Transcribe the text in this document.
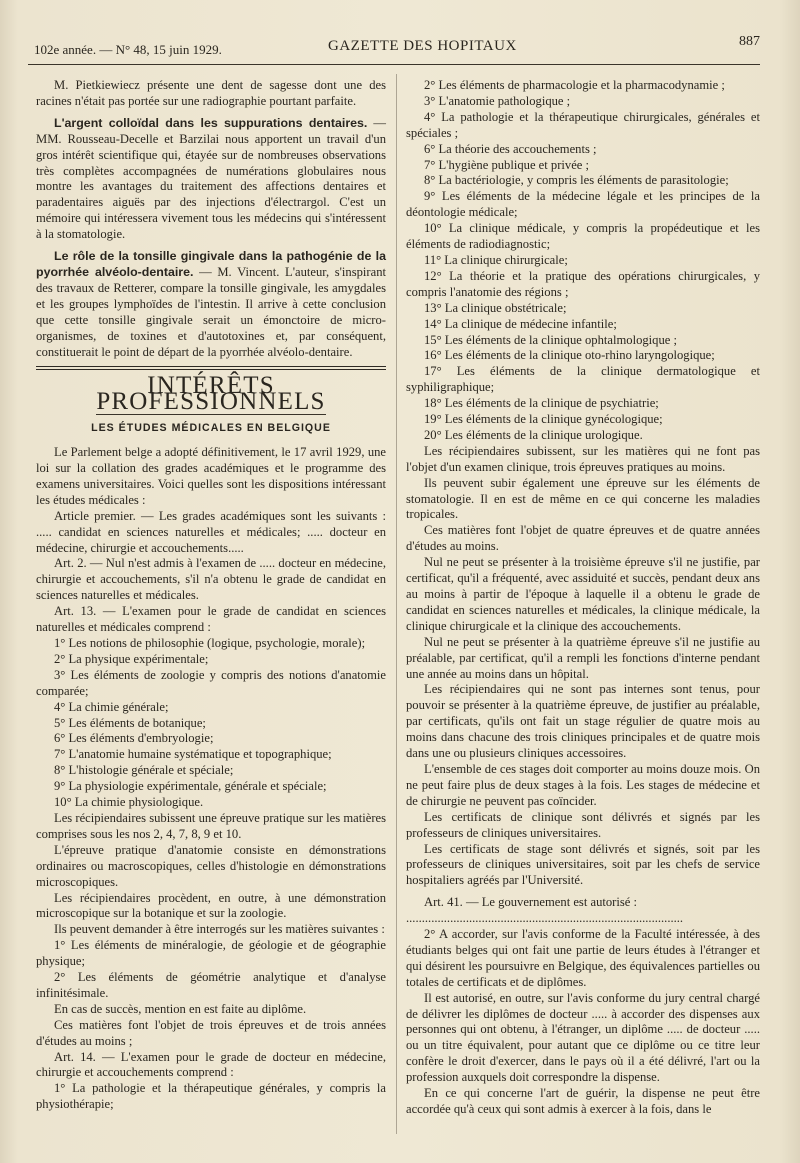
102e année. — N° 48, 15 juin 1929.	GAZETTE DES HOPITAUX	887

M. Pietkiewiecz présente une dent de sagesse dont une des racines n'était pas portée sur une radiographie pourtant parfaite.

L'argent colloïdal dans les suppurations dentaires. — MM. Rousseau-Decelle et Barzilai nous apportent un travail d'un gros intérêt scientifique qui, étayée sur de nombreuses observations très complètes accompagnées de numérations globulaires nous montre les avantages du traitement des affections dentaires et paradentaires aiguës par des injections d'électrargol. C'est un mémoire qui intéressera vivement tous les médecins qui s'intéressent à la stomatologie.

Le rôle de la tonsille gingivale dans la pathogénie de la pyorrhée alvéolo-dentaire. — M. Vincent. L'auteur, s'inspirant des travaux de Retterer, compare la tonsille gingivale, les amygdales et les groupes lymphoïdes de l'intestin. Il arrive à cette conclusion que cette tonsille gingivale serait un émonctoire de micro-organismes, de toxines et d'autotoxines et, par conséquent, constituerait le point de départ de la pyorrhée alvéolo-dentaire.

INTÉRÊTS PROFESSIONNELS
LES ÉTUDES MÉDICALES EN BELGIQUE

Le Parlement belge a adopté définitivement, le 17 avril 1929, une loi sur la collation des grades académiques et le programme des examens universitaires. Voici quelles sont les dispositions intéressant les études médicales :

Article premier. — Les grades académiques sont les suivants : ..... candidat en sciences naturelles et médicales; ..... docteur en médecine, chirurgie et accouchements.....

Art. 2. — Nul n'est admis à l'examen de ..... docteur en médecine, chirurgie et accouchements, s'il n'a obtenu le grade de candidat en sciences naturelles et médicales.

Art. 13. — L'examen pour le grade de candidat en sciences naturelles et médicales comprend :

1° Les notions de philosophie (logique, psychologie, morale);

2° La physique expérimentale;

3° Les éléments de zoologie y compris des notions d'anatomie comparée;

4° La chimie générale;

5° Les éléments de botanique;

6° Les éléments d'embryologie;

7° L'anatomie humaine systématique et topographique;

8° L'histologie générale et spéciale;

9° La physiologie expérimentale, générale et spéciale;

10° La chimie physiologique.

Les récipiendaires subissent une épreuve pratique sur les matières comprises sous les nos 2, 4, 7, 8, 9 et 10.

L'épreuve pratique d'anatomie consiste en démonstrations ordinaires ou macroscopiques, celles d'histologie en démonstrations microscopiques.

Les récipiendaires procèdent, en outre, à une démonstration microscopique sur la botanique et sur la zoologie.

Ils peuvent demander à être interrogés sur les matières suivantes :

1° Les éléments de minéralogie, de géologie et de géographie physique;

2° Les éléments de géométrie analytique et d'analyse infinitésimale.

En cas de succès, mention en est faite au diplôme.

Ces matières font l'objet de trois épreuves et de trois années d'études au moins ;

Art. 14. — L'examen pour le grade de docteur en médecine, chirurgie et accouchements comprend :

1° La pathologie et la thérapeutique générales, y compris la physiothérapie;

2° Les éléments de pharmacologie et la pharmacodynamie ;

3° L'anatomie pathologique ;

4° La pathologie et la thérapeutique chirurgicales, générales et spéciales ;

6° La théorie des accouchements ;

7° L'hygiène publique et privée ;

8° La bactériologie, y compris les éléments de parasitologie;

9° Les éléments de la médecine légale et les principes de la déontologie médicale;

10° La clinique médicale, y compris la propédeutique et les éléments de radiodiagnostic;

11° La clinique chirurgicale;

12° La théorie et la pratique des opérations chirurgicales, y compris l'anatomie des régions ;

13° La clinique obstétricale;

14° La clinique de médecine infantile;

15° Les éléments de la clinique ophtalmologique ;

16° Les éléments de la clinique oto-rhino laryngologique;

17° Les éléments de la clinique dermatologique et syphiligraphique;

18° Les éléments de la clinique de psychiatrie;

19° Les éléments de la clinique gynécologique;

20° Les éléments de la clinique urologique.

Les récipiendaires subissent, sur les matières qui ne font pas l'objet d'un examen clinique, trois épreuves pratiques au moins.

Ils peuvent subir également une épreuve sur les éléments de stomatologie. Il en est de même en ce qui concerne les maladies tropicales.

Ces matières font l'objet de quatre épreuves et de quatre années d'études au moins.

Nul ne peut se présenter à la troisième épreuve s'il ne justifie, par certificat, qu'il a fréquenté, avec assiduité et succès, pendant deux ans au moins à partir de l'époque à laquelle il a obtenu le grade de candidat en sciences naturelles et médicales, la clinique médicale, la clinique chirurgicale et la clinique des accouchements.

Nul ne peut se présenter à la quatrième épreuve s'il ne justifie au préalable, par certificat, qu'il a rempli les fonctions d'interne pendant une année au moins dans un hôpital.

Les récipiendaires qui ne sont pas internes sont tenus, pour pouvoir se présenter à la quatrième épreuve, de justifier au préalable, par certificats, qu'ils ont fait un stage régulier de quatre mois au moins dans chacune des trois cliniques principales et de quatre mois dans une ou plusieurs cliniques accessoires.

L'ensemble de ces stages doit comporter au moins douze mois. On ne peut faire plus de deux stages à la fois. Les stages de médecine et de chirurgie ne peuvent pas coïncider.

Les certificats de clinique sont délivrés et signés par les professeurs de cliniques universitaires.

Les certificats de stage sont délivrés et signés, soit par les professeurs de cliniques universitaires, soit par les chefs de service hospitaliers agréés par l'Université.

Art. 41. — Le gouvernement est autorisé :

........................................................................................

2° A accorder, sur l'avis conforme de la Faculté intéressée, à des étudiants belges qui ont fait une partie de leurs études à l'étranger et qui désirent les poursuivre en Belgique, des équivalences partielles ou totales de certificats et de diplômes.

Il est autorisé, en outre, sur l'avis conforme du jury central chargé de délivrer les diplômes de docteur ..... à accorder des dispenses aux personnes qui ont obtenu, à l'étranger, un diplôme ..... de docteur ..... ou un titre équivalent, pour autant que ce diplôme ou ce titre leur confère le droit d'exercer, dans le pays où il a été délivré, l'art ou la profession auxquels doit correspondre la dispense.

En ce qui concerne l'art de guérir, la dispense ne peut être accordée qu'à ceux qui sont admis à exercer à la fois, dans le
